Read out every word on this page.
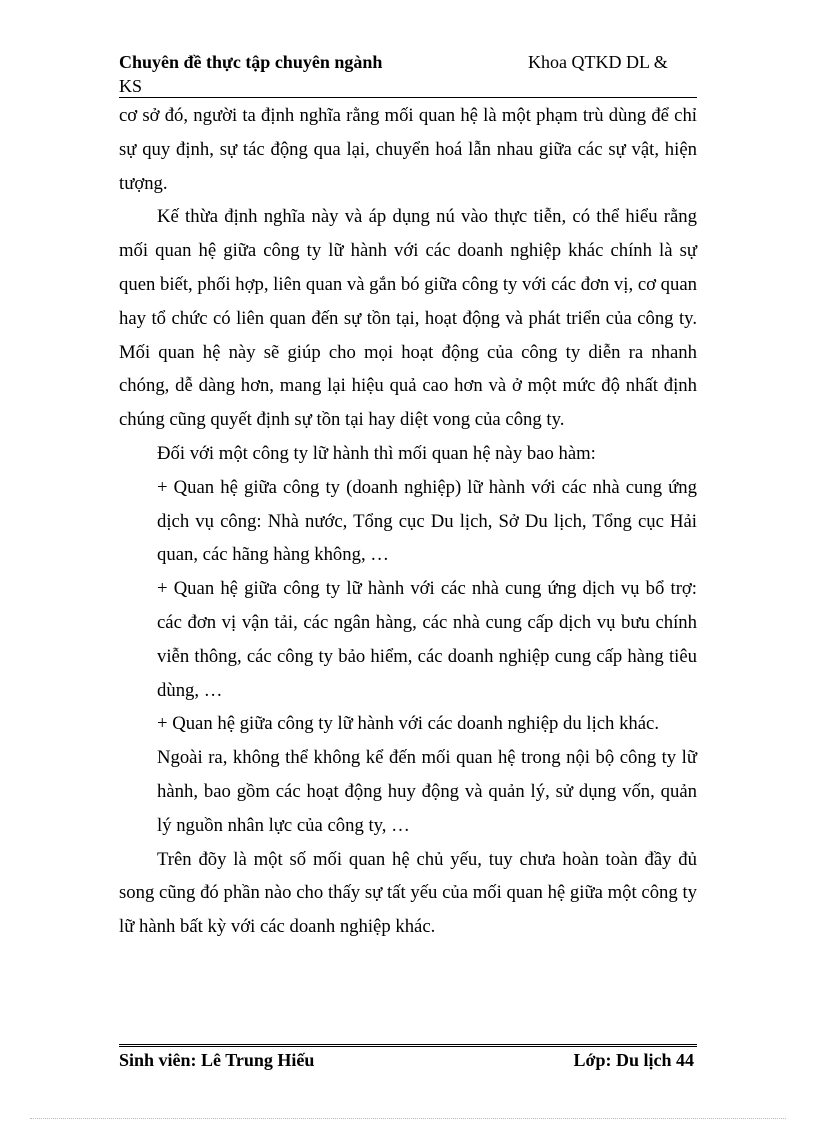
Chuyên đề thực tập chuyên ngành	Khoa QTKD DL &
KS

cơ sở đó, người ta định nghĩa rằng mối quan hệ là một phạm trù dùng để chỉ sự quy định, sự tác động qua lại, chuyển hoá lẫn nhau giữa các sự vật, hiện tượng.

Kế thừa định nghĩa này và áp dụng nú vào thực tiễn, có thể hiểu rằng mối quan hệ giữa công ty lữ hành với các doanh nghiệp khác chính là sự quen biết, phối hợp, liên quan và gắn bó giữa công ty với các đơn vị, cơ quan hay tổ chức có liên quan đến sự tồn tại, hoạt động và phát triển của công ty. Mối quan hệ này sẽ giúp cho mọi hoạt động của công ty diễn ra nhanh chóng, dễ dàng hơn, mang lại hiệu quả cao hơn và ở một mức độ nhất định chúng cũng quyết định sự tồn tại hay diệt vong của công ty.

Đối với một công ty lữ hành thì mối quan hệ này bao hàm:

+ Quan hệ giữa công ty (doanh nghiệp) lữ hành với các nhà cung ứng dịch vụ công: Nhà nước, Tổng cục Du lịch, Sở Du lịch, Tổng cục Hải quan, các hãng hàng không, …

+ Quan hệ giữa công ty lữ hành với các nhà cung ứng dịch vụ bổ trợ: các đơn vị vận tải, các ngân hàng, các nhà cung cấp dịch vụ bưu chính viễn thông, các công ty bảo hiểm, các doanh nghiệp cung cấp hàng tiêu dùng, …

+ Quan hệ giữa công ty lữ hành với các doanh nghiệp du lịch khác.

Ngoài ra, không thể không kể đến mối quan hệ trong nội bộ công ty lữ hành, bao gồm các hoạt động huy động và quản lý, sử dụng vốn, quản lý nguồn nhân lực của công ty, …

Trên đõy là một số mối quan hệ chủ yếu, tuy chưa hoàn toàn đầy đủ song cũng đó phần nào cho thấy sự tất yếu của mối quan hệ giữa một công ty lữ hành bất kỳ với các doanh nghiệp khác.

Sinh viên: Lê Trung Hiếu	Lớp: Du lịch 44
